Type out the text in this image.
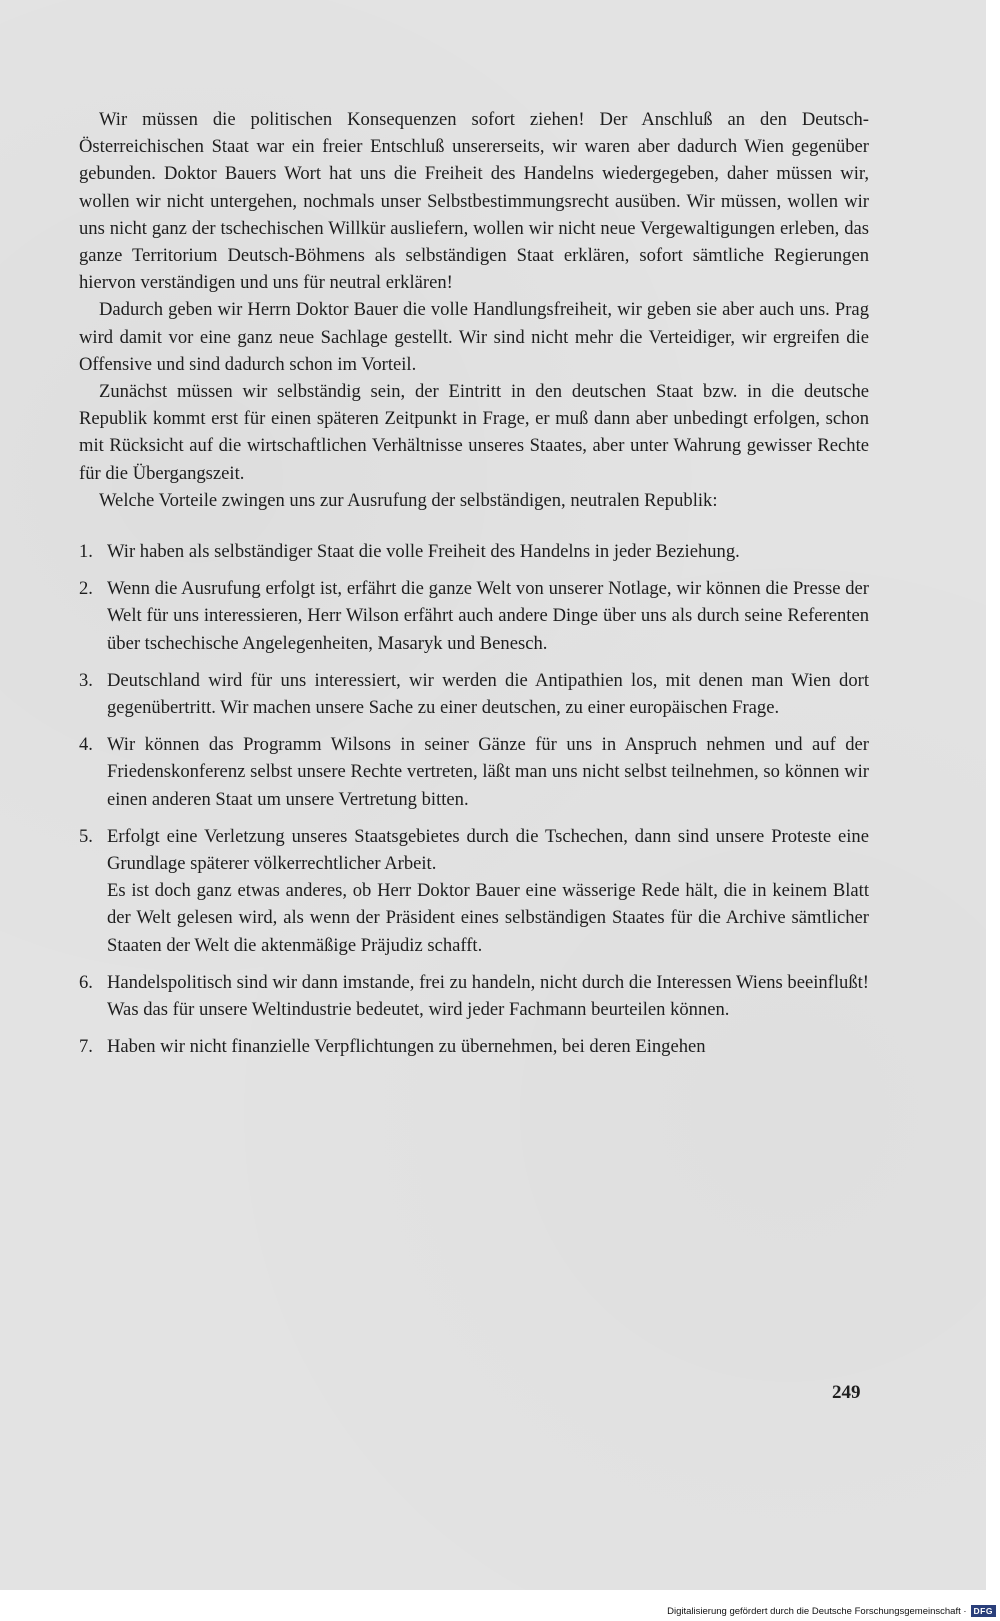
Wir müssen die politischen Konsequenzen sofort ziehen! Der Anschluß an den Deutsch-Österreichischen Staat war ein freier Entschluß unsererseits, wir waren aber dadurch Wien gegenüber gebunden. Doktor Bauers Wort hat uns die Freiheit des Handelns wiedergegeben, daher müssen wir, wollen wir nicht untergehen, nochmals unser Selbstbestimmungsrecht ausüben. Wir müssen, wollen wir uns nicht ganz der tschechischen Willkür ausliefern, wollen wir nicht neue Vergewaltigungen erleben, das ganze Territorium Deutsch-Böhmens als selbständigen Staat erklären, sofort sämtliche Regierungen hiervon verständigen und uns für neutral erklären!

Dadurch geben wir Herrn Doktor Bauer die volle Handlungsfreiheit, wir geben sie aber auch uns. Prag wird damit vor eine ganz neue Sachlage gestellt. Wir sind nicht mehr die Verteidiger, wir ergreifen die Offensive und sind dadurch schon im Vorteil.

Zunächst müssen wir selbständig sein, der Eintritt in den deutschen Staat bzw. in die deutsche Republik kommt erst für einen späteren Zeitpunkt in Frage, er muß dann aber unbedingt erfolgen, schon mit Rücksicht auf die wirtschaftlichen Verhältnisse unseres Staates, aber unter Wahrung gewisser Rechte für die Übergangszeit.

Welche Vorteile zwingen uns zur Ausrufung der selbständigen, neutralen Republik:

1. Wir haben als selbständiger Staat die volle Freiheit des Handelns in jeder Beziehung.

2. Wenn die Ausrufung erfolgt ist, erfährt die ganze Welt von unserer Notlage, wir können die Presse der Welt für uns interessieren, Herr Wilson erfährt auch andere Dinge über uns als durch seine Referenten über tschechische Angelegenheiten, Masaryk und Benesch.

3. Deutschland wird für uns interessiert, wir werden die Antipathien los, mit denen man Wien dort gegenübertritt. Wir machen unsere Sache zu einer deutschen, zu einer europäischen Frage.

4. Wir können das Programm Wilsons in seiner Gänze für uns in Anspruch nehmen und auf der Friedenskonferenz selbst unsere Rechte vertreten, läßt man uns nicht selbst teilnehmen, so können wir einen anderen Staat um unsere Vertretung bitten.

5. Erfolgt eine Verletzung unseres Staatsgebietes durch die Tschechen, dann sind unsere Proteste eine Grundlage späterer völkerrechtlicher Arbeit.

Es ist doch ganz etwas anderes, ob Herr Doktor Bauer eine wässerige Rede hält, die in keinem Blatt der Welt gelesen wird, als wenn der Präsident eines selbständigen Staates für die Archive sämtlicher Staaten der Welt die aktenmäßige Präjudiz schafft.

6. Handelspolitisch sind wir dann imstande, frei zu handeln, nicht durch die Interessen Wiens beeinflußt! Was das für unsere Weltindustrie bedeutet, wird jeder Fachmann beurteilen können.

7. Haben wir nicht finanzielle Verpflichtungen zu übernehmen, bei deren Eingehen

249
Digitalisierung gefördert durch die Deutsche Forschungsgemeinschaft · DFG
